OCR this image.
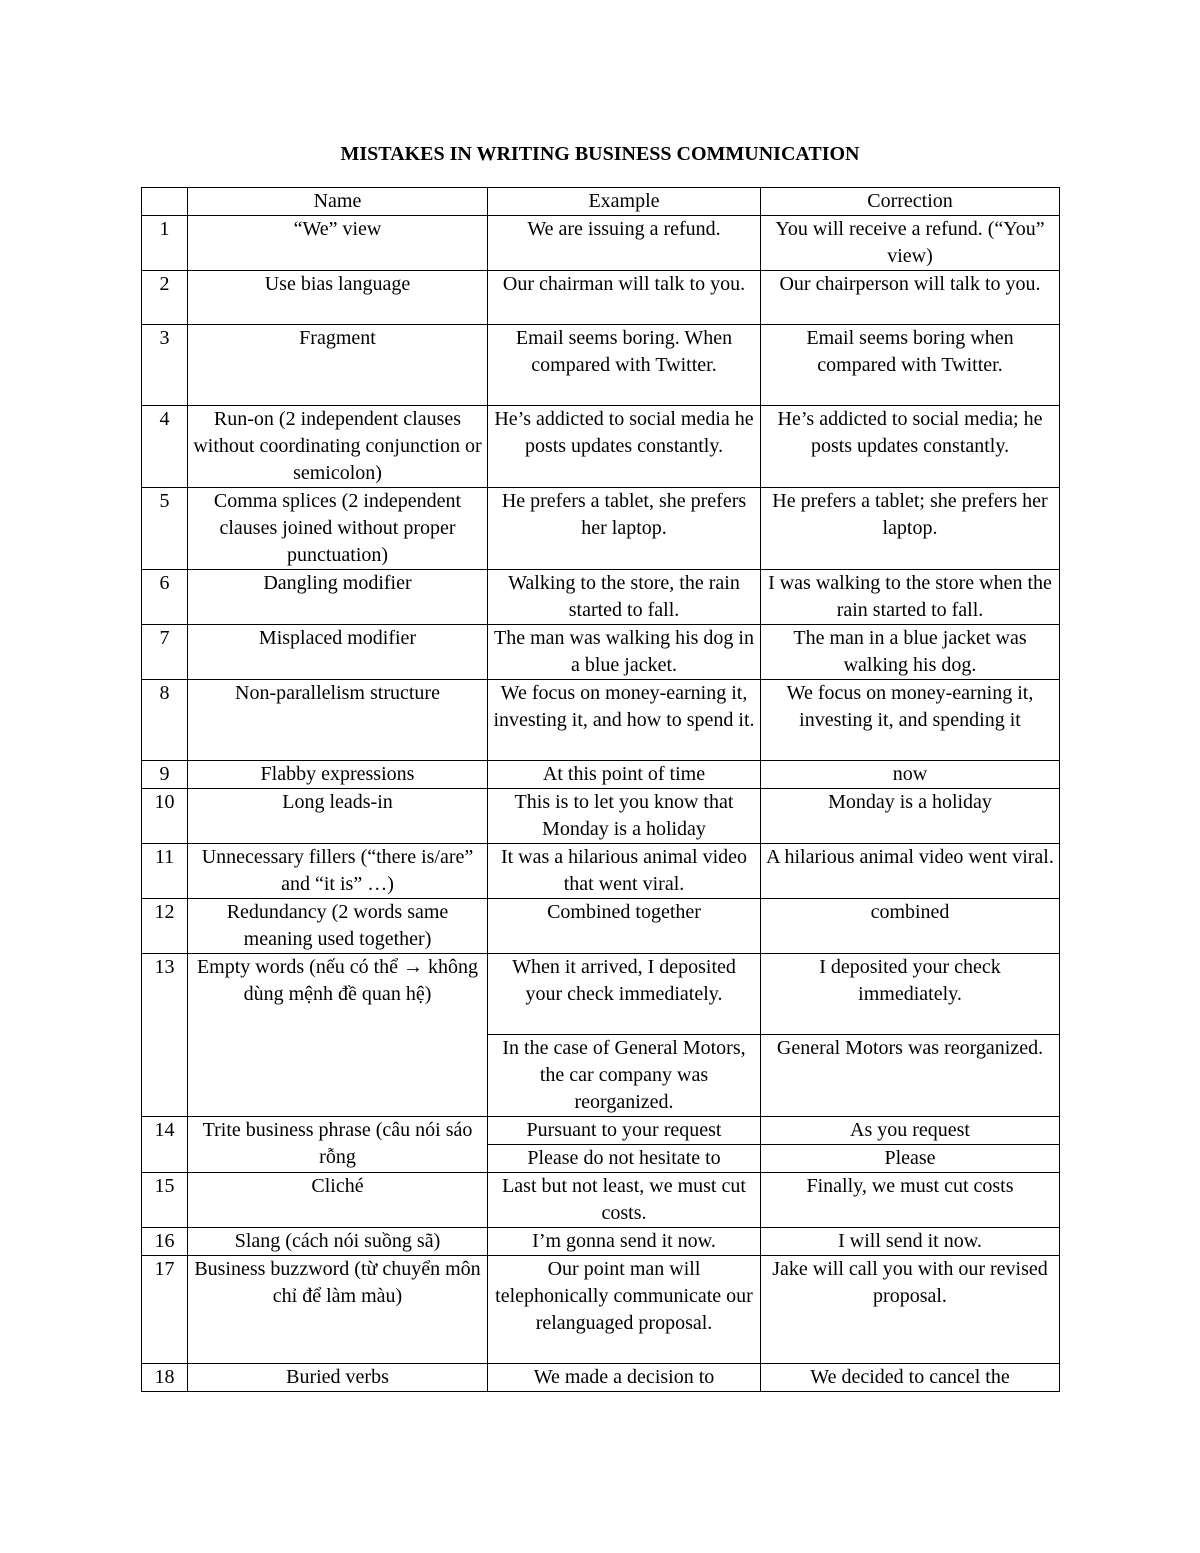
MISTAKES IN WRITING BUSINESS COMMUNICATION
	Name	Example	Correction
1	“We” view	We are issuing a refund.	You will receive a refund. (“You” view)
2	Use bias language	Our chairman will talk to you.	Our chairperson will talk to you.
3	Fragment	Email seems boring. When compared with Twitter.	Email seems boring when compared with Twitter.
4	Run-on (2 independent clauses without coordinating conjunction or semicolon)	He’s addicted to social media he posts updates constantly.	He’s addicted to social media; he posts updates constantly.
5	Comma splices (2 independent clauses joined without proper punctuation)	He prefers a tablet, she prefers her laptop.	He prefers a tablet; she prefers her laptop.
6	Dangling modifier	Walking to the store, the rain started to fall.	I was walking to the store when the rain started to fall.
7	Misplaced modifier	The man was walking his dog in a blue jacket.	The man in a blue jacket was walking his dog.
8	Non-parallelism structure	We focus on money-earning it, investing it, and how to spend it.	We focus on money-earning it, investing it, and spending it
9	Flabby expressions	At this point of time	now
10	Long leads-in	This is to let you know that Monday is a holiday	Monday is a holiday
11	Unnecessary fillers (“there is/are” and “it is” …)	It was a hilarious animal video that went viral.	A hilarious animal video went viral.
12	Redundancy (2 words same meaning used together)	Combined together	combined
13	Empty words (nếu có thể → không dùng mệnh đề quan hệ)	When it arrived, I deposited your check immediately.	I deposited your check immediately.
		In the case of General Motors, the car company was reorganized.	General Motors was reorganized.
14	Trite business phrase (câu nói sáo rỗng	Pursuant to your request	As you request
		Please do not hesitate to	Please
15	Cliché	Last but not least, we must cut costs.	Finally, we must cut costs
16	Slang (cách nói suồng sã)	I’m gonna send it now.	I will send it now.
17	Business buzzword (từ chuyển môn chỉ để làm màu)	Our point man will telephonically communicate our relanguaged proposal.	Jake will call you with our revised proposal.
18	Buried verbs	We made a decision to	We decided to cancel the
